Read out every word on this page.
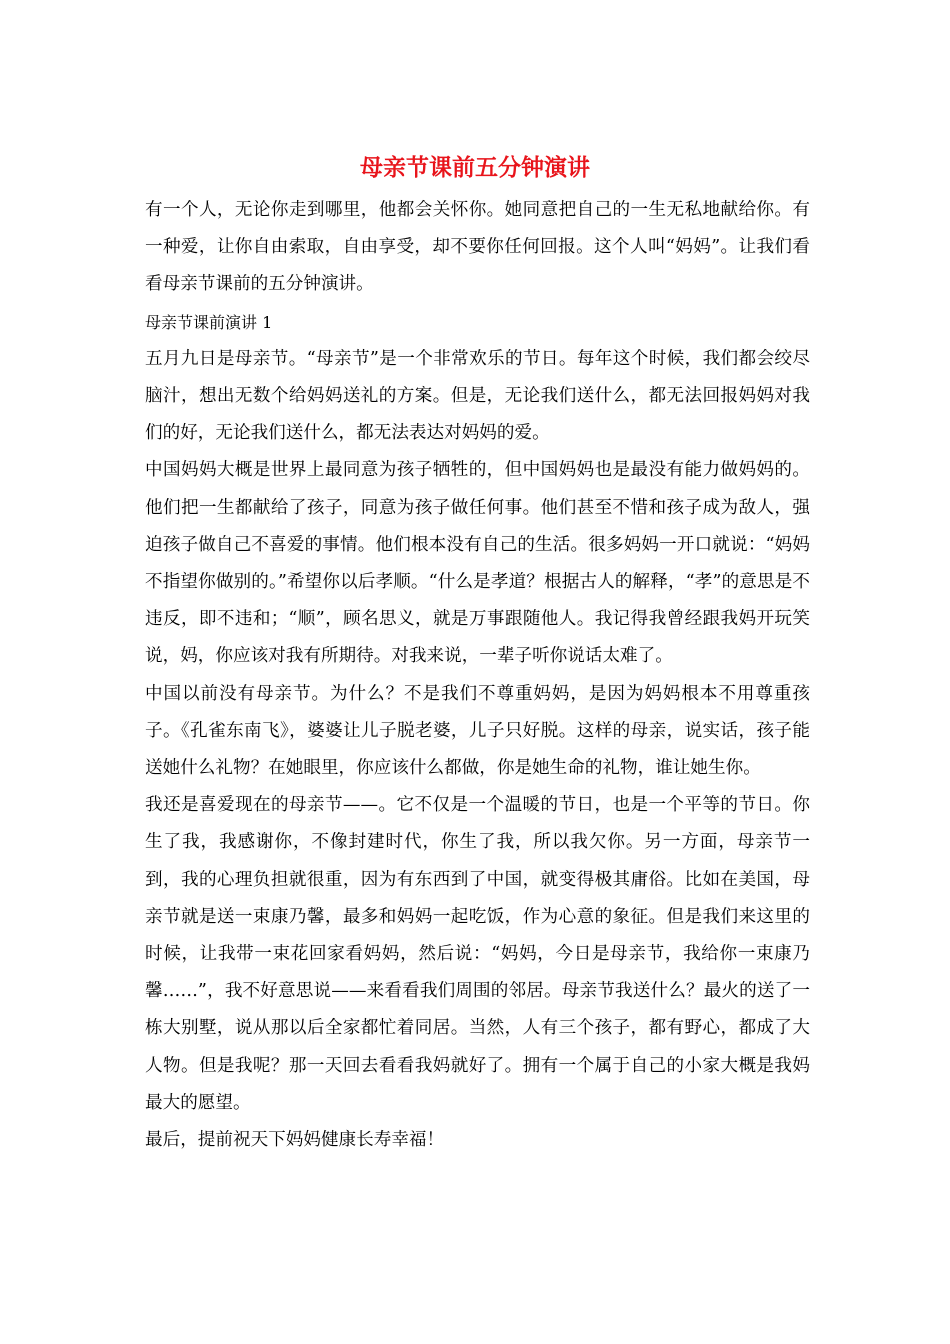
母亲节课前五分钟演讲

有一个人，无论你走到哪里，他都会关怀你。她同意把自己的一生无私地献给你。有一种爱，让你自由索取，自由享受，却不要你任何回报。这个人叫“妈妈”。让我们看看母亲节课前的五分钟演讲。

母亲节课前演讲 1

五月九日是母亲节。“母亲节”是一个非常欢乐的节日。每年这个时候，我们都会绞尽脑汁，想出无数个给妈妈送礼的方案。但是，无论我们送什么，都无法回报妈妈对我们的好，无论我们送什么，都无法表达对妈妈的爱。

中国妈妈大概是世界上最同意为孩子牺牲的，但中国妈妈也是最没有能力做妈妈的。他们把一生都献给了孩子，同意为孩子做任何事。他们甚至不惜和孩子成为敌人，强迫孩子做自己不喜爱的事情。他们根本没有自己的生活。很多妈妈一开口就说：“妈妈不指望你做别的。”希望你以后孝顺。“什么是孝道？根据古人的解释，“孝”的意思是不违反，即不违和；“顺”，顾名思义，就是万事跟随他人。我记得我曾经跟我妈开玩笑说，妈，你应该对我有所期待。对我来说，一辈子听你说话太难了。

中国以前没有母亲节。为什么？不是我们不尊重妈妈，是因为妈妈根本不用尊重孩子。《孔雀东南飞》，婆婆让儿子脱老婆，儿子只好脱。这样的母亲，说实话，孩子能送她什么礼物？在她眼里，你应该什么都做，你是她生命的礼物，谁让她生你。

我还是喜爱现在的母亲节——。它不仅是一个温暖的节日，也是一个平等的节日。你生了我，我感谢你，不像封建时代，你生了我，所以我欠你。另一方面，母亲节一到，我的心理负担就很重，因为有东西到了中国，就变得极其庸俗。比如在美国，母亲节就是送一束康乃馨，最多和妈妈一起吃饭，作为心意的象征。但是我们来这里的时候，让我带一束花回家看妈妈，然后说：“妈妈，今日是母亲节，我给你一束康乃馨……”，我不好意思说——来看看我们周围的邻居。母亲节我送什么？最火的送了一栋大别墅，说从那以后全家都忙着同居。当然，人有三个孩子，都有野心，都成了大人物。但是我呢？那一天回去看看我妈就好了。拥有一个属于自己的小家大概是我妈最大的愿望。

最后，提前祝天下妈妈健康长寿幸福！
